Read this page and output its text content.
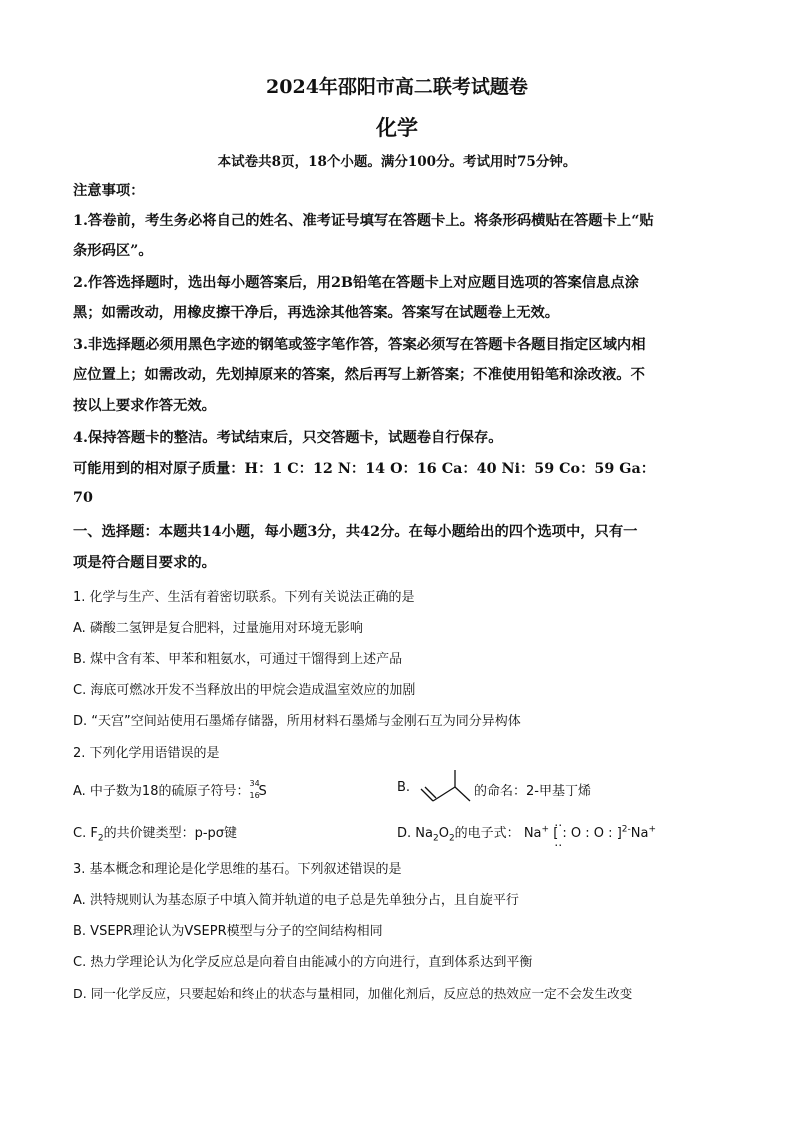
2024年邵阳市高二联考试题卷
化学
本试卷共8页，18个小题。满分100分。考试用时75分钟。
注意事项：
1.答卷前，考生务必将自己的姓名、准考证号填写在答题卡上。将条形码横贴在答题卡上“贴
条形码区”。
2.作答选择题时，选出每小题答案后，用2B铅笔在答题卡上对应题目选项的答案信息点涂
黑；如需改动，用橡皮擦干净后，再选涂其他答案。答案写在试题卷上无效。
3.非选择题必须用黑色字迹的钢笔或签字笔作答，答案必须写在答题卡各题目指定区域内相
应位置上；如需改动，先划掉原来的答案，然后再写上新答案；不准使用铅笔和涂改液。不
按以上要求作答无效。
4.保持答题卡的整洁。考试结束后，只交答题卡，试题卷自行保存。
可能用到的相对原子质量：H：1 C：12 N：14 O：16 Ca：40 Ni：59 Co：59 Ga：
70
一、选择题：本题共14小题，每小题3分，共42分。在每小题给出的四个选项中，只有一
项是符合题目要求的。
1. 化学与生产、生活有着密切联系。下列有关说法正确的是
A. 磷酸二氢钾是复合肥料，过量施用对环境无影响
B. 煤中含有苯、甲苯和粗氨水，可通过干馏得到上述产品
C. 海底可燃冰开发不当释放出的甲烷会造成温室效应的加剧
D. “天宫”空间站使用石墨烯存储器，所用材料石墨烯与金刚石互为同分异构体
2. 下列化学用语错误的是
A. 中子数为18的硫原子符号：
34
16
S	B.	的命名：2-甲基丁烯
C. $F_2$的共价键类型：p-pσ键	D. $Na_2O_2$的电子式： Na+ ‥ [ : O : O : ] ‥$^{2-}$Na+
3. 基本概念和理论是化学思维的基石。下列叙述错误的是
A. 洪特规则认为基态原子中填入简并轨道的电子总是先单独分占，且自旋平行
B. VSEPR理论认为VSEPR模型与分子的空间结构相同
C. 热力学理论认为化学反应总是向着自由能减小的方向进行，直到体系达到平衡
D. 同一化学反应，只要起始和终止的状态与量相同，加催化剂后，反应总的热效应一定不会发生改变
